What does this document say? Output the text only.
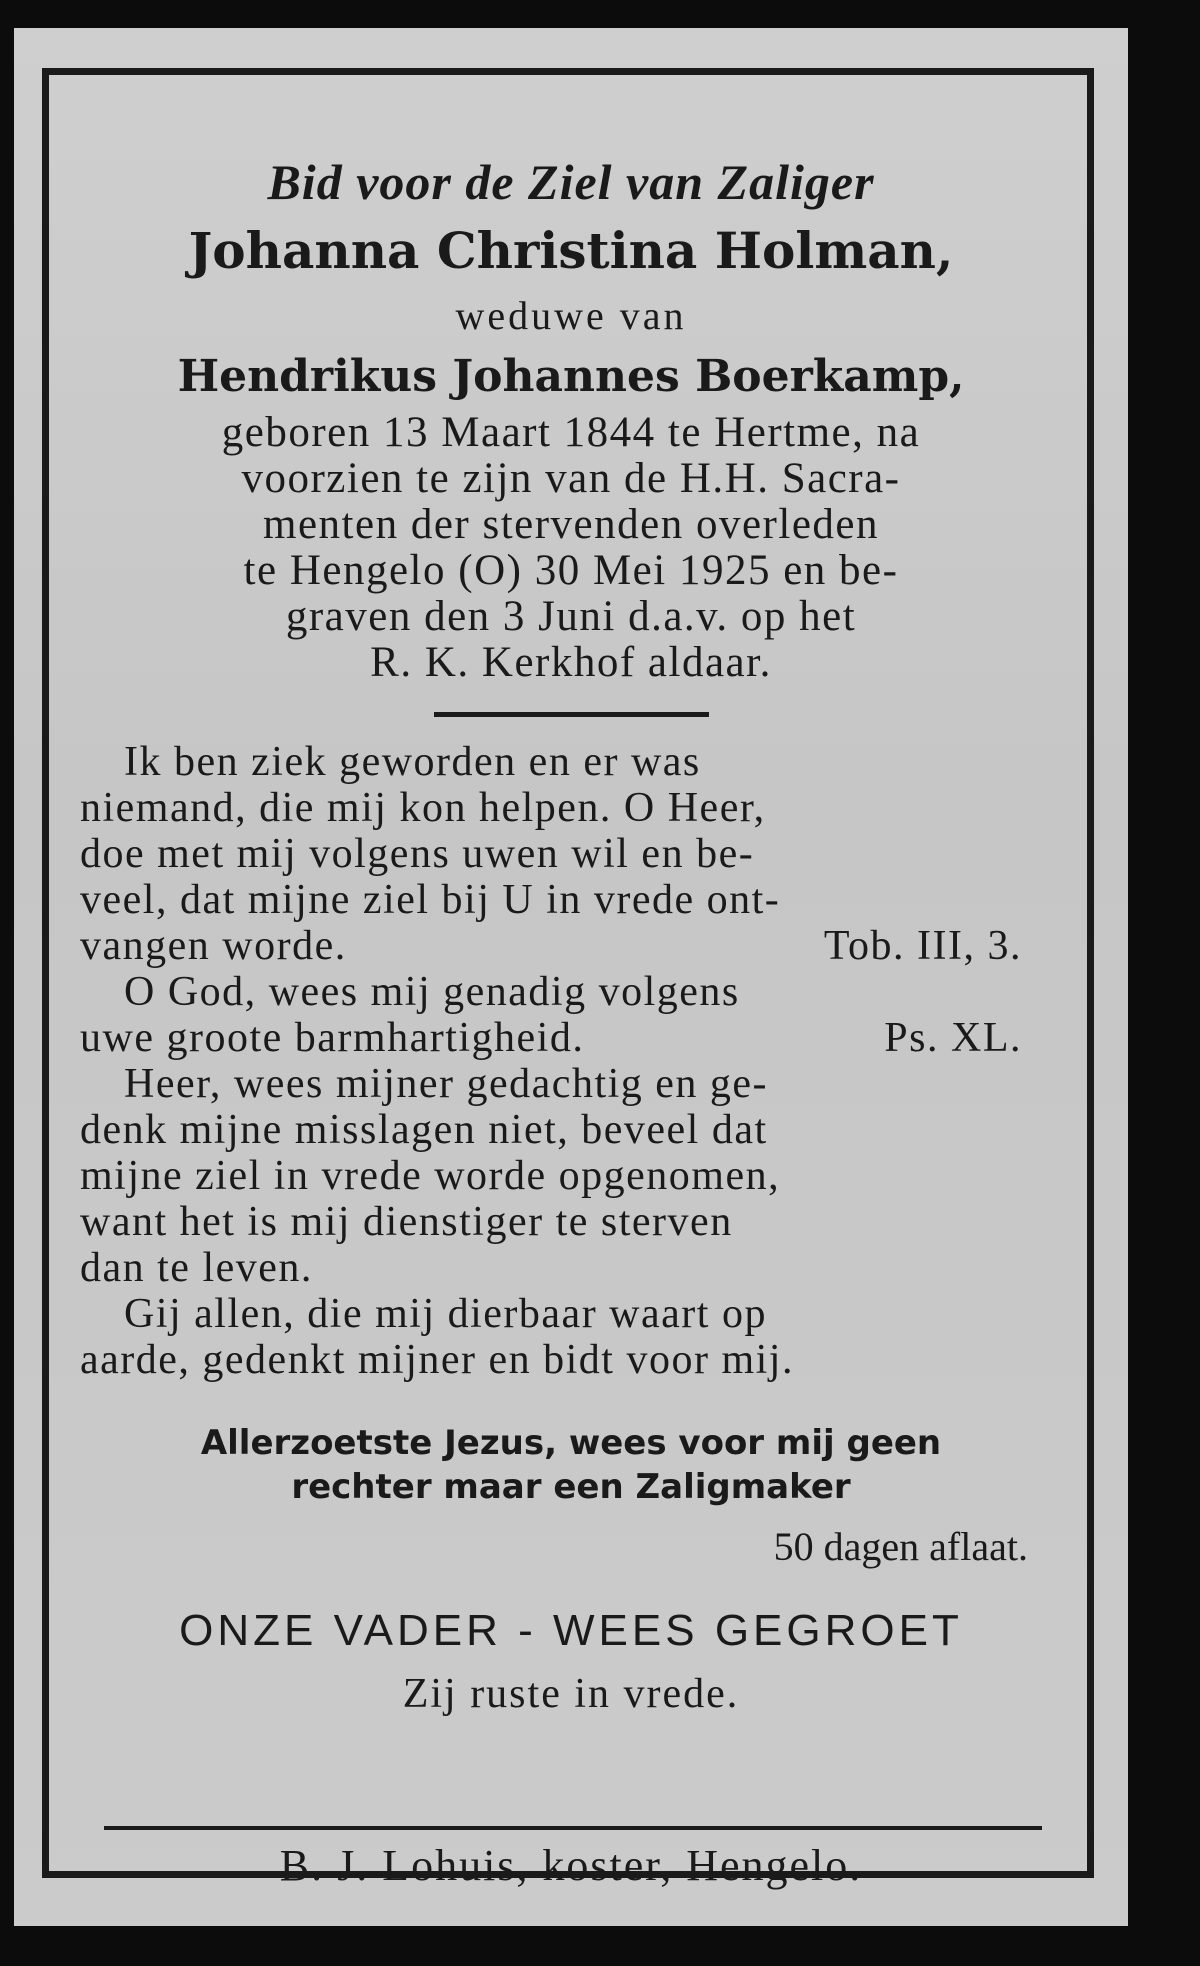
Bid voor de Ziel van Zaliger
Johanna Christina Holman,
weduwe van
Hendrikus Johannes Boerkamp,
geboren 13 Maart 1844 te Hertme, na
voorzien te zijn van de H.H. Sacra-
menten der stervenden overleden
te Hengelo (O) 30 Mei 1925 en be-
graven den 3 Juni d.a.v. op het
R. K. Kerkhof aldaar.
Ik ben ziek geworden en er was
niemand, die mij kon helpen. O Heer,
doe met mij volgens uwen wil en be-
veel, dat mijne ziel bij U in vrede ont-
vangen worde.	Tob. III, 3.
O God, wees mij genadig volgens
uwe groote barmhartigheid.	Ps. XL.
Heer, wees mijner gedachtig en ge-
denk mijne misslagen niet, beveel dat
mijne ziel in vrede worde opgenomen,
want het is mij dienstiger te sterven
dan te leven.
Gij allen, die mij dierbaar waart op
aarde, gedenkt mijner en bidt voor mij.
Allerzoetste Jezus, wees voor mij geen
rechter maar een Zaligmaker
50 dagen aflaat.
ONZE VADER - WEES GEGROET
Zij ruste in vrede.
B. J. Lohuis, koster, Hengelo.
